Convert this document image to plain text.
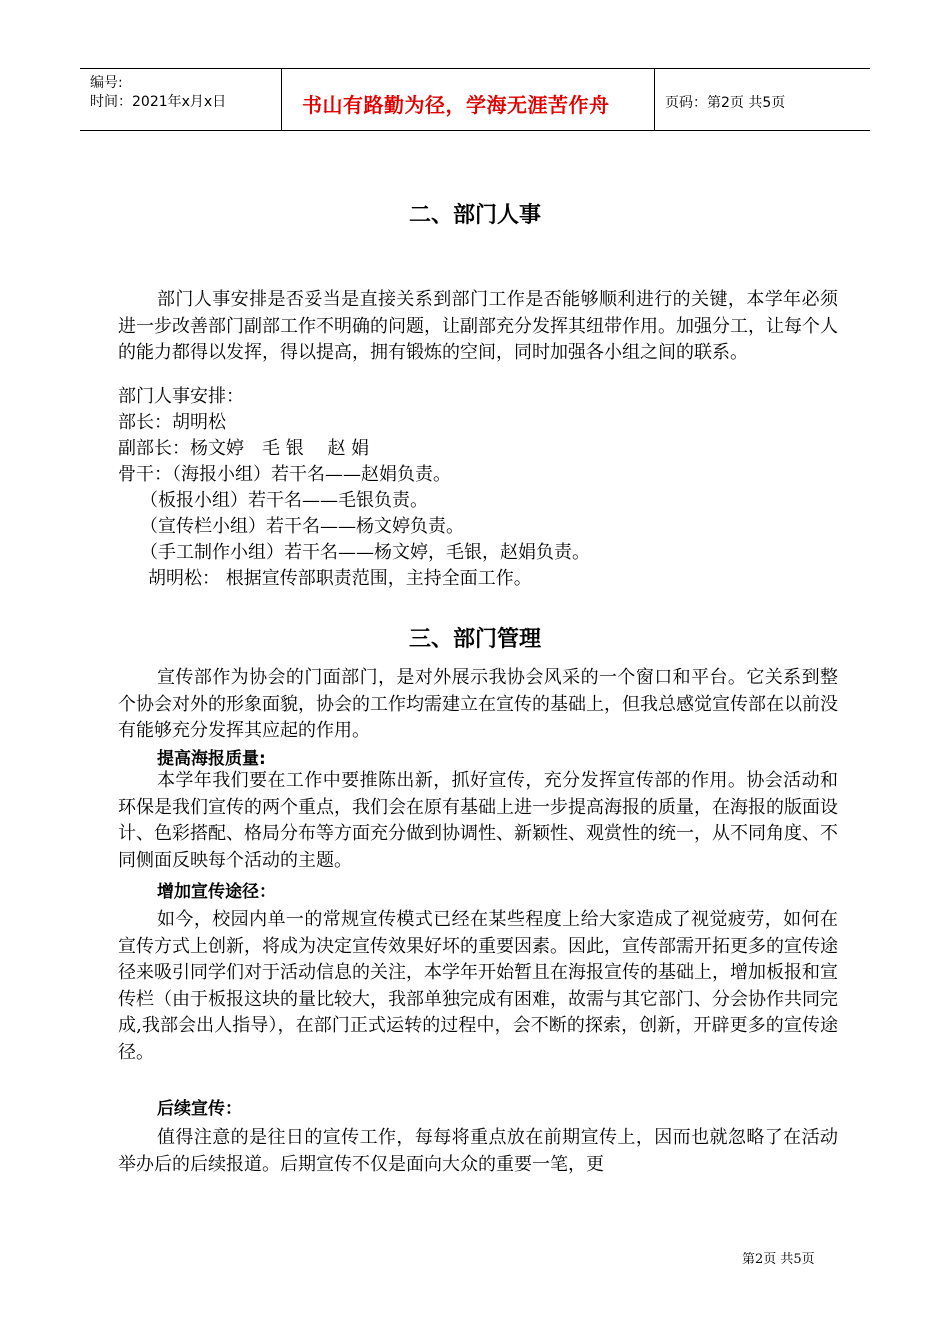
编号:
时间：2021年x月x日	书山有路勤为径，学海无涯苦作舟	页码：第2页 共5页
二、部门人事

部门人事安排是否妥当是直接关系到部门工作是否能够顺利进行的关键，本学年必须进一步改善部门副部工作不明确的问题，让副部充分发挥其纽带作用。加强分工，让每个人的能力都得以发挥，得以提高，拥有锻炼的空间，同时加强各小组之间的联系。

部门人事安排：

部长：胡明松

副部长：杨文婷　毛 银　 赵 娟

骨干：（海报小组）若干名——赵娟负责。

（板报小组）若干名——毛银负责。

（宣传栏小组）若干名——杨文婷负责。

（手工制作小组）若干名——杨文婷，毛银，赵娟负责。

胡明松： 根据宣传部职责范围，主持全面工作。

三、部门管理

宣传部作为协会的门面部门，是对外展示我协会风采的一个窗口和平台。它关系到整个协会对外的形象面貌，协会的工作均需建立在宣传的基础上，但我总感觉宣传部在以前没有能够充分发挥其应起的作用。

提高海报质量:

本学年我们要在工作中要推陈出新，抓好宣传，充分发挥宣传部的作用。协会活动和环保是我们宣传的两个重点，我们会在原有基础上进一步提高海报的质量，在海报的版面设计、色彩搭配、格局分布等方面充分做到协调性、新颖性、观赏性的统一，从不同角度、不同侧面反映每个活动的主题。

增加宣传途径：

如今，校园内单一的常规宣传模式已经在某些程度上给大家造成了视觉疲劳，如何在宣传方式上创新，将成为决定宣传效果好坏的重要因素。因此，宣传部需开拓更多的宣传途径来吸引同学们对于活动信息的关注，本学年开始暂且在海报宣传的基础上，增加板报和宣传栏（由于板报这块的量比较大，我部单独完成有困难，故需与其它部门、分会协作共同完成,我部会出人指导），在部门正式运转的过程中，会不断的探索，创新，开辟更多的宣传途径。

后续宣传：

值得注意的是往日的宣传工作，每每将重点放在前期宣传上，因而也就忽略了在活动举办后的后续报道。后期宣传不仅是面向大众的重要一笔，更

第2页 共5页
